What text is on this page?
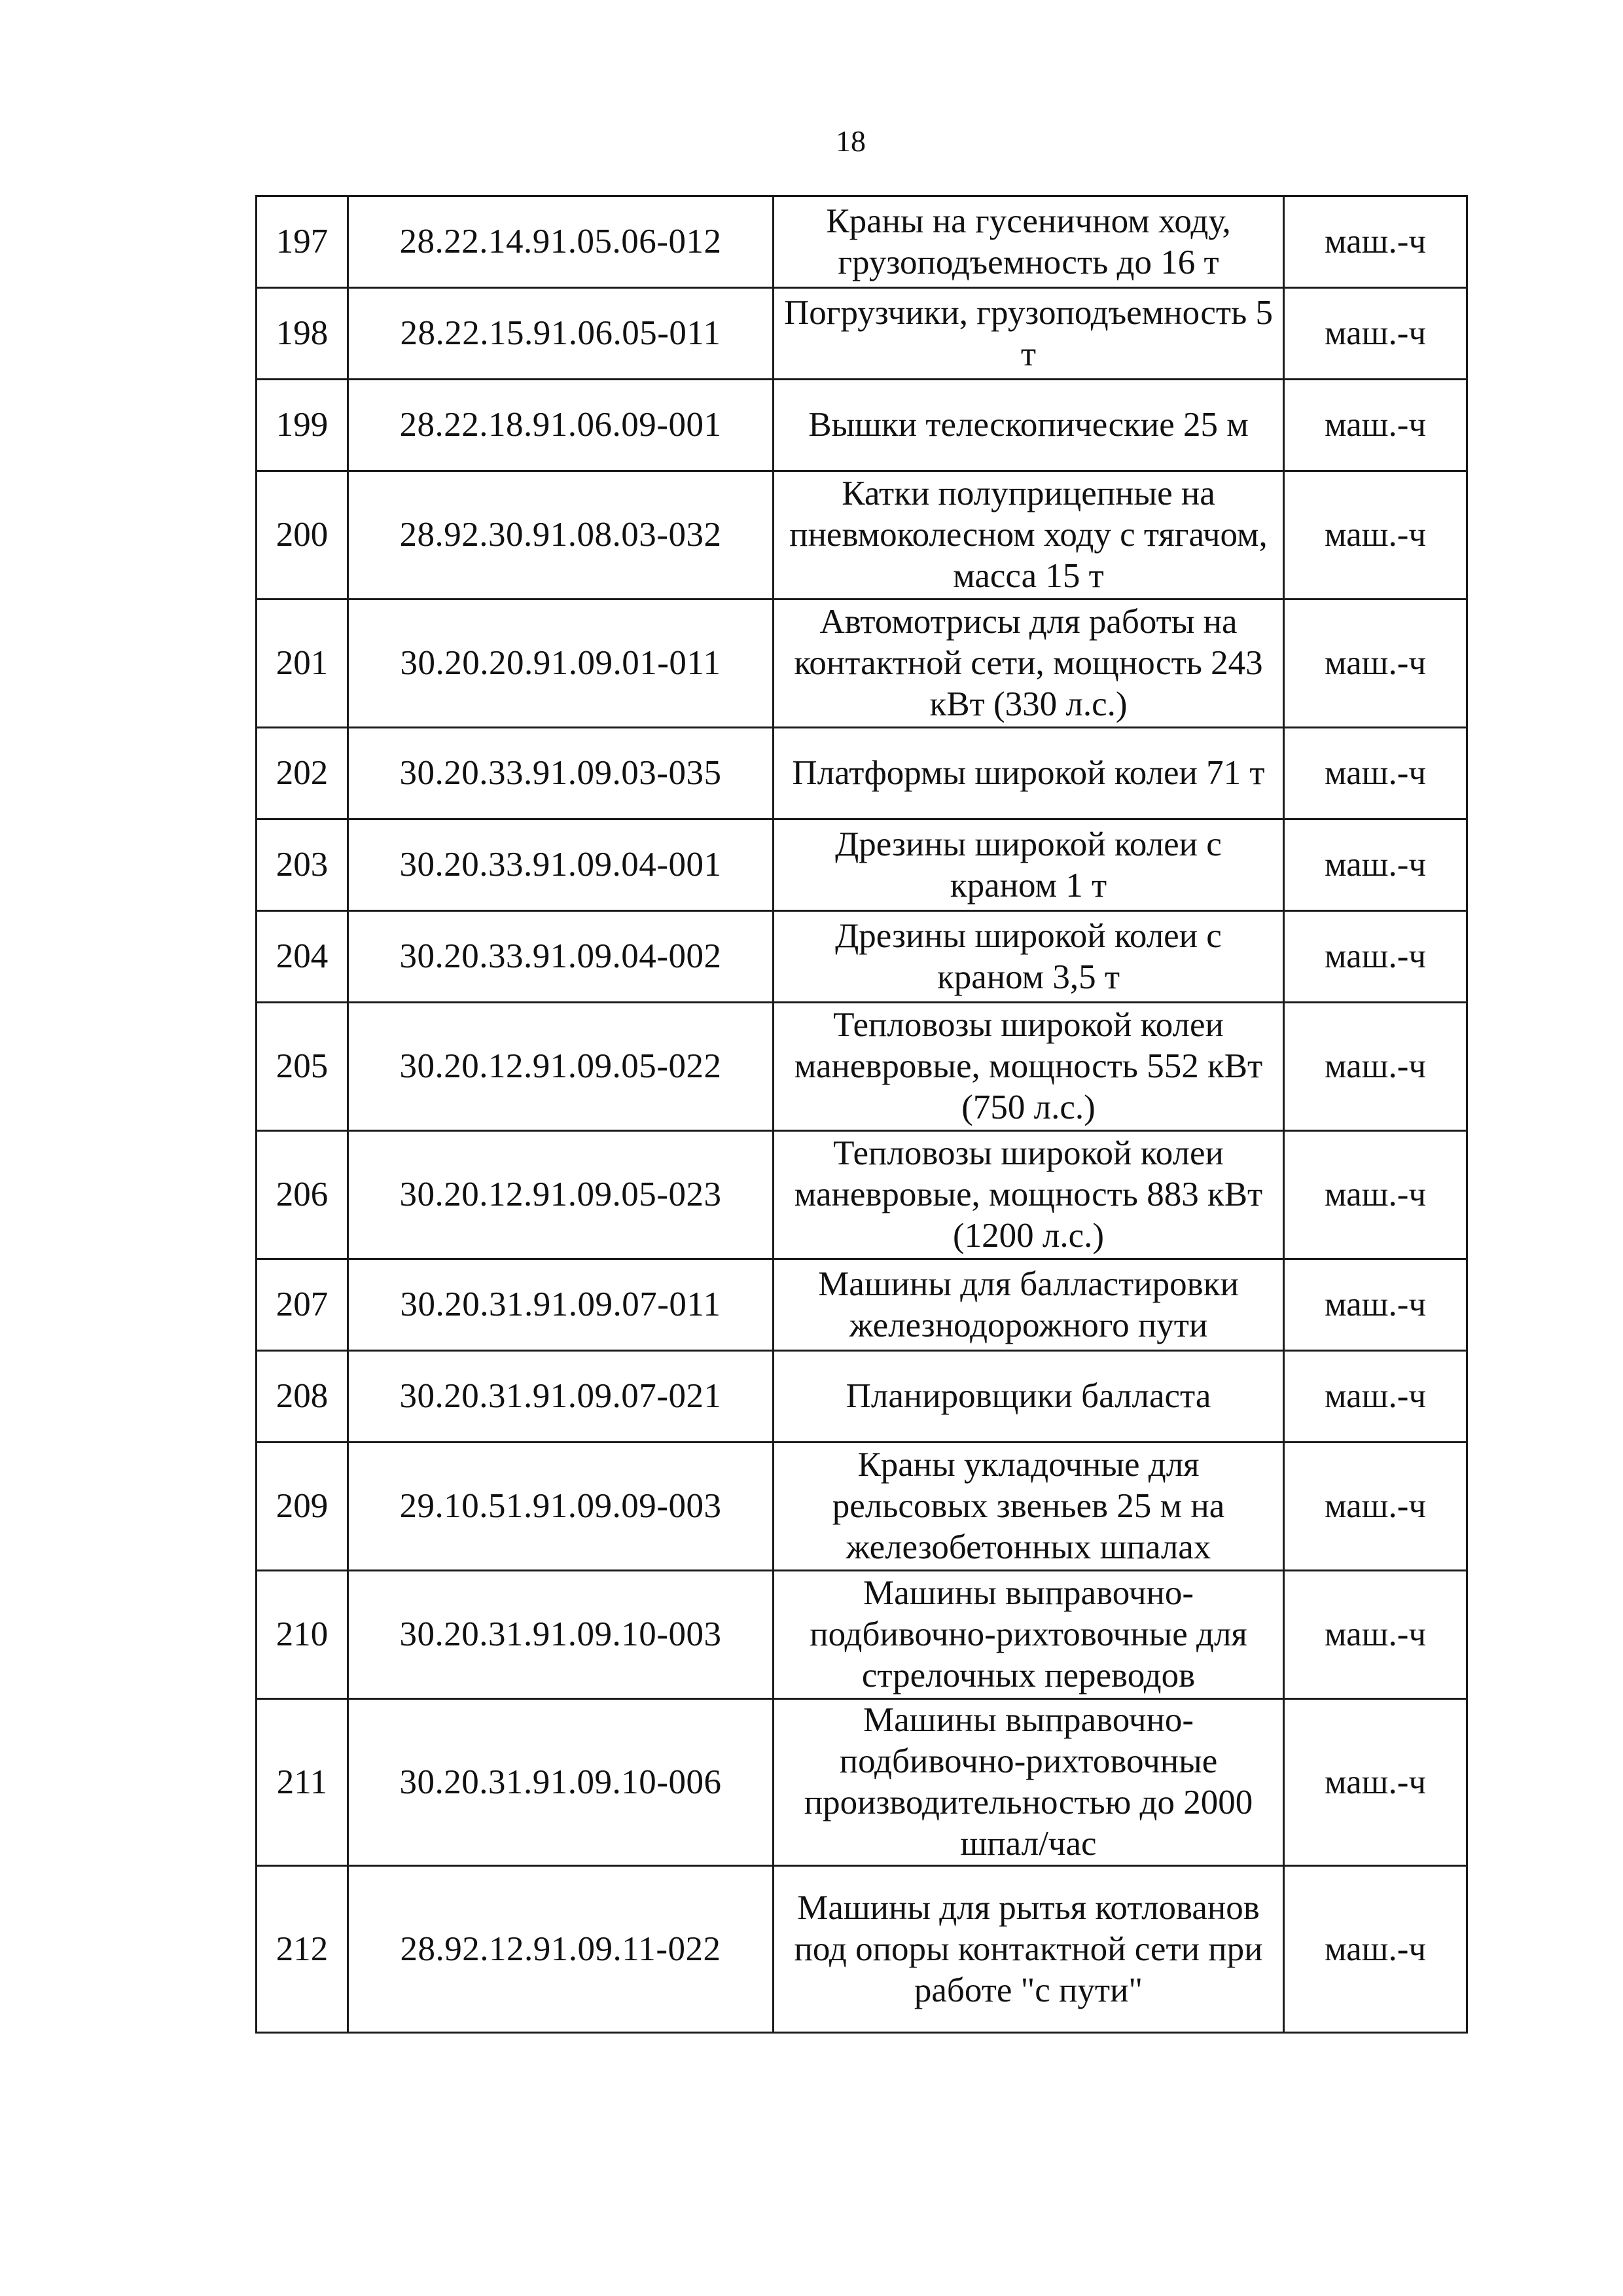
18
197	28.22.14.91.05.06-012	Краны на гусеничном ходу, грузоподъемность до 16 т	маш.-ч
198	28.22.15.91.06.05-011	Погрузчики, грузоподъемность 5 т	маш.-ч
199	28.22.18.91.06.09-001	Вышки телескопические 25 м	маш.-ч
200	28.92.30.91.08.03-032	Катки полуприцепные на пневмоколесном ходу с тягачом, масса 15 т	маш.-ч
201	30.20.20.91.09.01-011	Автомотрисы для работы на контактной сети, мощность 243 кВт (330 л.с.)	маш.-ч
202	30.20.33.91.09.03-035	Платформы широкой колеи 71 т	маш.-ч
203	30.20.33.91.09.04-001	Дрезины широкой колеи с краном 1 т	маш.-ч
204	30.20.33.91.09.04-002	Дрезины широкой колеи с краном 3,5 т	маш.-ч
205	30.20.12.91.09.05-022	Тепловозы широкой колеи маневровые, мощность 552 кВт (750 л.с.)	маш.-ч
206	30.20.12.91.09.05-023	Тепловозы широкой колеи маневровые, мощность 883 кВт (1200 л.с.)	маш.-ч
207	30.20.31.91.09.07-011	Машины для балластировки железнодорожного пути	маш.-ч
208	30.20.31.91.09.07-021	Планировщики балласта	маш.-ч
209	29.10.51.91.09.09-003	Краны укладочные для рельсовых звеньев 25 м на железобетонных шпалах	маш.-ч
210	30.20.31.91.09.10-003	Машины выправочно-подбивочно-рихтовочные для стрелочных переводов	маш.-ч
211	30.20.31.91.09.10-006	Машины выправочно-подбивочно-рихтовочные производительностью до 2000 шпал/час	маш.-ч
212	28.92.12.91.09.11-022	Машины для рытья котлованов под опоры контактной сети при работе "с пути"	маш.-ч
